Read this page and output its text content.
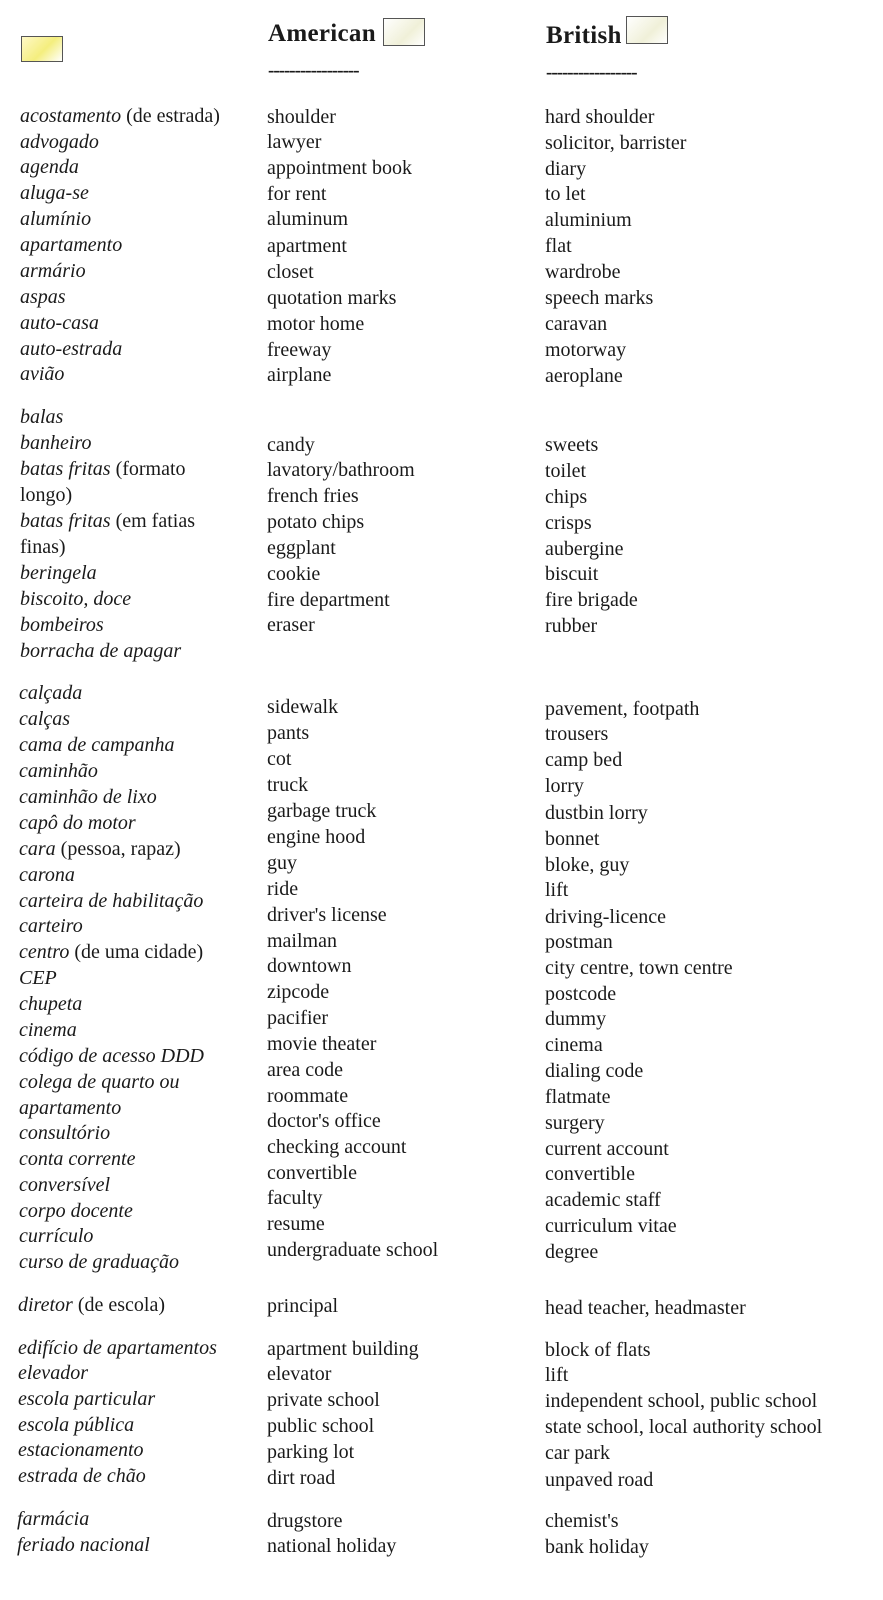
American
-----------------
British
-----------------
acostamento (de estrada)
advogado
agenda
aluga-se
alumínio
apartamento
armário
aspas
auto-casa
auto-estrada
avião
balas
banheiro
batas fritas (formato
longo)
batas fritas (em fatias
finas)
beringela
biscoito, doce
bombeiros
borracha de apagar
calçada
calças
cama de campanha
caminhão
caminhão de lixo
capô do motor
cara (pessoa, rapaz)
carona
carteira de habilitação
carteiro
centro (de uma cidade)
CEP
chupeta
cinema
código de acesso DDD
colega de quarto ou
apartamento
consultório
conta corrente
conversível
corpo docente
currículo
curso de graduação
diretor (de escola)
edifício de apartamentos
elevador
escola particular
escola pública
estacionamento
estrada de chão
farmácia
feriado nacional
shoulder
lawyer
appointment book
for rent
aluminum
apartment
closet
quotation marks
motor home
freeway
airplane
candy
lavatory/bathroom
french fries
potato chips
eggplant
cookie
fire department
eraser
sidewalk
pants
cot
truck
garbage truck
engine hood
guy
ride
driver's license
mailman
downtown
zipcode
pacifier
movie theater
area code
roommate
doctor's office
checking account
convertible
faculty
resume
undergraduate school
principal
apartment building
elevator
private school
public school
parking lot
dirt road
drugstore
national holiday
hard shoulder
solicitor, barrister
diary
to let
aluminium
flat
wardrobe
speech marks
caravan
motorway
aeroplane
sweets
toilet
chips
crisps
aubergine
biscuit
fire brigade
rubber
pavement, footpath
trousers
camp bed
lorry
dustbin lorry
bonnet
bloke, guy
lift
driving-licence
postman
city centre, town centre
postcode
dummy
cinema
dialing code
flatmate
surgery
current account
convertible
academic staff
curriculum vitae
degree
head teacher, headmaster
block of flats
lift
independent school, public school
state school, local authority school
car park
unpaved road
chemist's
bank holiday
